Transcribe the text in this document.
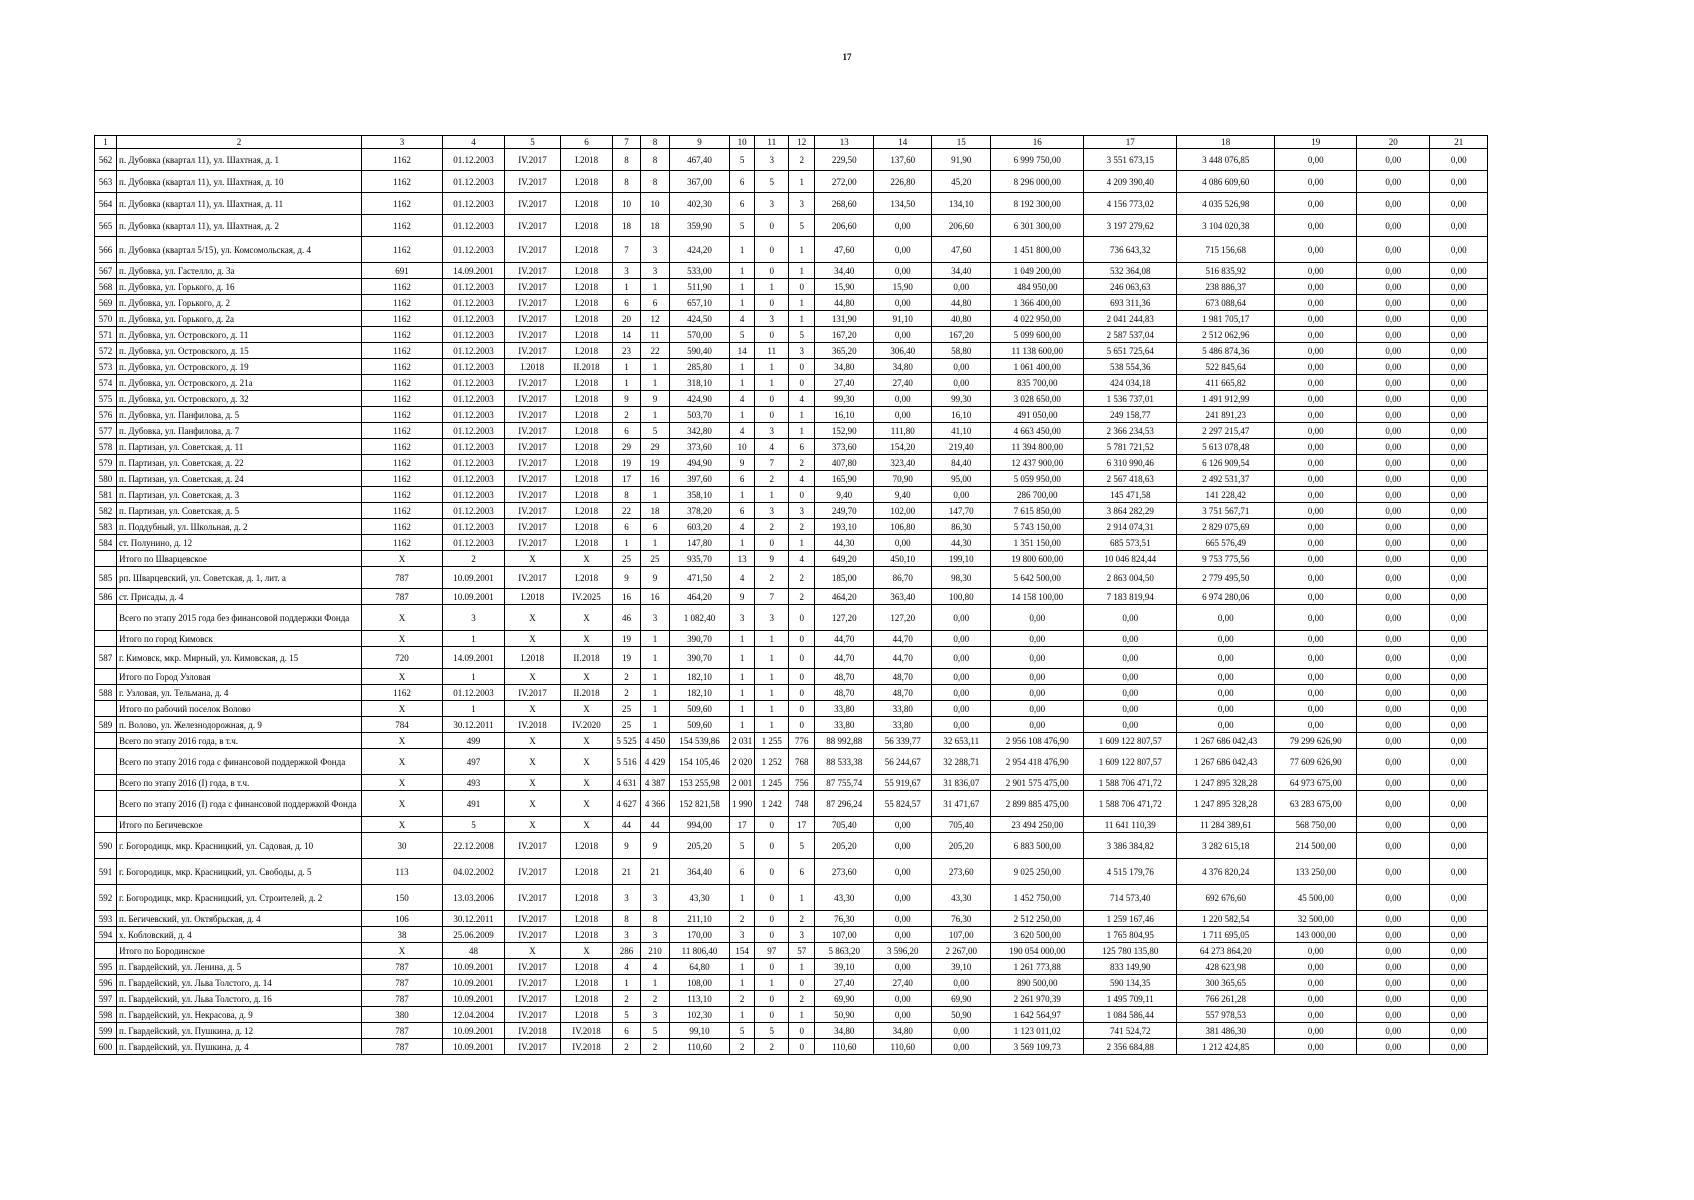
17
1	2	3	4	5	6	7	8	9	10	11	12	13	14	15	16	17	18	19	20	21
562	п. Дубовка (квартал 11), ул. Шахтная, д. 1	1162	01.12.2003	IV.2017	I.2018	8	8	467,40	5	3	2	229,50	137,60	91,90	6 999 750,00	3 551 673,15	3 448 076,85	0,00	0,00	0,00
563	п. Дубовка (квартал 11), ул. Шахтная, д. 10	1162	01.12.2003	IV.2017	I.2018	8	8	367,00	6	5	1	272,00	226,80	45,20	8 296 000,00	4 209 390,40	4 086 609,60	0,00	0,00	0,00
564	п. Дубовка (квартал 11), ул. Шахтная, д. 11	1162	01.12.2003	IV.2017	I.2018	10	10	402,30	6	3	3	268,60	134,50	134,10	8 192 300,00	4 156 773,02	4 035 526,98	0,00	0,00	0,00
565	п. Дубовка (квартал 11), ул. Шахтная, д. 2	1162	01.12.2003	IV.2017	I.2018	18	18	359,90	5	0	5	206,60	0,00	206,60	6 301 300,00	3 197 279,62	3 104 020,38	0,00	0,00	0,00
566	п. Дубовка (квартал 5/15), ул. Комсомольская, д. 4	1162	01.12.2003	IV.2017	I.2018	7	3	424,20	1	0	1	47,60	0,00	47,60	1 451 800,00	736 643,32	715 156,68	0,00	0,00	0,00
567	п. Дубовка, ул. Гастелло, д. 3а	691	14.09.2001	IV.2017	I.2018	3	3	533,00	1	0	1	34,40	0,00	34,40	1 049 200,00	532 364,08	516 835,92	0,00	0,00	0,00
568	п. Дубовка, ул. Горького, д. 16	1162	01.12.2003	IV.2017	I.2018	1	1	511,90	1	1	0	15,90	15,90	0,00	484 950,00	246 063,63	238 886,37	0,00	0,00	0,00
569	п. Дубовка, ул. Горького, д. 2	1162	01.12.2003	IV.2017	I.2018	6	6	657,10	1	0	1	44,80	0,00	44,80	1 366 400,00	693 311,36	673 088,64	0,00	0,00	0,00
570	п. Дубовка, ул. Горького, д. 2а	1162	01.12.2003	IV.2017	I.2018	20	12	424,50	4	3	1	131,90	91,10	40,80	4 022 950,00	2 041 244,83	1 981 705,17	0,00	0,00	0,00
571	п. Дубовка, ул. Островского, д. 11	1162	01.12.2003	IV.2017	I.2018	14	11	570,00	5	0	5	167,20	0,00	167,20	5 099 600,00	2 587 537,04	2 512 062,96	0,00	0,00	0,00
572	п. Дубовка, ул. Островского, д. 15	1162	01.12.2003	IV.2017	I.2018	23	22	590,40	14	11	3	365,20	306,40	58,80	11 138 600,00	5 651 725,64	5 486 874,36	0,00	0,00	0,00
573	п. Дубовка, ул. Островского, д. 19	1162	01.12.2003	I.2018	II.2018	1	1	285,80	1	1	0	34,80	34,80	0,00	1 061 400,00	538 554,36	522 845,64	0,00	0,00	0,00
574	п. Дубовка, ул. Островского, д. 21а	1162	01.12.2003	IV.2017	I.2018	1	1	318,10	1	1	0	27,40	27,40	0,00	835 700,00	424 034,18	411 665,82	0,00	0,00	0,00
575	п. Дубовка, ул. Островского, д. 32	1162	01.12.2003	IV.2017	I.2018	9	9	424,90	4	0	4	99,30	0,00	99,30	3 028 650,00	1 536 737,01	1 491 912,99	0,00	0,00	0,00
576	п. Дубовка, ул. Панфилова, д. 5	1162	01.12.2003	IV.2017	I.2018	2	1	503,70	1	0	1	16,10	0,00	16,10	491 050,00	249 158,77	241 891,23	0,00	0,00	0,00
577	п. Дубовка, ул. Панфилова, д. 7	1162	01.12.2003	IV.2017	I.2018	6	5	342,80	4	3	1	152,90	111,80	41,10	4 663 450,00	2 366 234,53	2 297 215,47	0,00	0,00	0,00
578	п. Партизан, ул. Советская, д. 11	1162	01.12.2003	IV.2017	I.2018	29	29	373,60	10	4	6	373,60	154,20	219,40	11 394 800,00	5 781 721,52	5 613 078,48	0,00	0,00	0,00
579	п. Партизан, ул. Советская, д. 22	1162	01.12.2003	IV.2017	I.2018	19	19	494,90	9	7	2	407,80	323,40	84,40	12 437 900,00	6 310 990,46	6 126 909,54	0,00	0,00	0,00
580	п. Партизан, ул. Советская, д. 24	1162	01.12.2003	IV.2017	I.2018	17	16	397,60	6	2	4	165,90	70,90	95,00	5 059 950,00	2 567 418,63	2 492 531,37	0,00	0,00	0,00
581	п. Партизан, ул. Советская, д. 3	1162	01.12.2003	IV.2017	I.2018	8	1	358,10	1	1	0	9,40	9,40	0,00	286 700,00	145 471,58	141 228,42	0,00	0,00	0,00
582	п. Партизан, ул. Советская, д. 5	1162	01.12.2003	IV.2017	I.2018	22	18	378,20	6	3	3	249,70	102,00	147,70	7 615 850,00	3 864 282,29	3 751 567,71	0,00	0,00	0,00
583	п. Поддубный, ул. Школьная, д. 2	1162	01.12.2003	IV.2017	I.2018	6	6	603,20	4	2	2	193,10	106,80	86,30	5 743 150,00	2 914 074,31	2 829 075,69	0,00	0,00	0,00
584	ст. Полунино, д. 12	1162	01.12.2003	IV.2017	I.2018	1	1	147,80	1	0	1	44,30	0,00	44,30	1 351 150,00	685 573,51	665 576,49	0,00	0,00	0,00
	Итого по Шварцевское	X	2	X	X	25	25	935,70	13	9	4	649,20	450,10	199,10	19 800 600,00	10 046 824,44	9 753 775,56	0,00	0,00	0,00
585	рп. Шварцевский, ул. Советская, д. 1, лит. а	787	10.09.2001	IV.2017	I.2018	9	9	471,50	4	2	2	185,00	86,70	98,30	5 642 500,00	2 863 004,50	2 779 495,50	0,00	0,00	0,00
586	ст. Присады, д. 4	787	10.09.2001	I.2018	IV.2025	16	16	464,20	9	7	2	464,20	363,40	100,80	14 158 100,00	7 183 819,94	6 974 280,06	0,00	0,00	0,00
	Всего по этапу 2015 года без финансовой поддержки Фонда	X	3	X	X	46	3	1 082,40	3	3	0	127,20	127,20	0,00	0,00	0,00	0,00	0,00	0,00	0,00
	Итого по город Кимовск	X	1	X	X	19	1	390,70	1	1	0	44,70	44,70	0,00	0,00	0,00	0,00	0,00	0,00	0,00
587	г. Кимовск, мкр. Мирный, ул. Кимовская, д. 15	720	14.09.2001	I.2018	II.2018	19	1	390,70	1	1	0	44,70	44,70	0,00	0,00	0,00	0,00	0,00	0,00	0,00
	Итого по Город Узловая	X	1	X	X	2	1	182,10	1	1	0	48,70	48,70	0,00	0,00	0,00	0,00	0,00	0,00	0,00
588	г. Узловая, ул. Тельмана, д. 4	1162	01.12.2003	IV.2017	II.2018	2	1	182,10	1	1	0	48,70	48,70	0,00	0,00	0,00	0,00	0,00	0,00	0,00
	Итого по рабочий поселок Волово	X	1	X	X	25	1	509,60	1	1	0	33,80	33,80	0,00	0,00	0,00	0,00	0,00	0,00	0,00
589	п. Волово, ул. Железнодорожная, д. 9	784	30.12.2011	IV.2018	IV.2020	25	1	509,60	1	1	0	33,80	33,80	0,00	0,00	0,00	0,00	0,00	0,00	0,00
	Всего по этапу 2016 года, в т.ч.	X	499	X	X	5 525	4 450	154 539,86	2 031	1 255	776	88 992,88	56 339,77	32 653,11	2 956 108 476,90	1 609 122 807,57	1 267 686 042,43	79 299 626,90	0,00	0,00
	Всего по этапу 2016 года с финансовой поддержкой Фонда	X	497	X	X	5 516	4 429	154 105,46	2 020	1 252	768	88 533,38	56 244,67	32 288,71	2 954 418 476,90	1 609 122 807,57	1 267 686 042,43	77 609 626,90	0,00	0,00
	Всего по этапу 2016 (I) года, в т.ч.	X	493	X	X	4 631	4 387	153 255,98	2 001	1 245	756	87 755,74	55 919,67	31 836,07	2 901 575 475,00	1 588 706 471,72	1 247 895 328,28	64 973 675,00	0,00	0,00
	Всего по этапу 2016 (I) года с финансовой поддержкой Фонда	X	491	X	X	4 627	4 366	152 821,58	1 990	1 242	748	87 296,24	55 824,57	31 471,67	2 899 885 475,00	1 588 706 471,72	1 247 895 328,28	63 283 675,00	0,00	0,00
	Итого по Бегичевское	X	5	X	X	44	44	994,00	17	0	17	705,40	0,00	705,40	23 494 250,00	11 641 110,39	11 284 389,61	568 750,00	0,00	0,00
590	г. Богородицк, мкр. Красницкий, ул. Садовая, д. 10	30	22.12.2008	IV.2017	I.2018	9	9	205,20	5	0	5	205,20	0,00	205,20	6 883 500,00	3 386 384,82	3 282 615,18	214 500,00	0,00	0,00
591	г. Богородицк, мкр. Красницкий, ул. Свободы, д. 5	113	04.02.2002	IV.2017	I.2018	21	21	364,40	6	0	6	273,60	0,00	273,60	9 025 250,00	4 515 179,76	4 376 820,24	133 250,00	0,00	0,00
592	г. Богородицк, мкр. Красницкий, ул. Строителей, д. 2	150	13.03.2006	IV.2017	I.2018	3	3	43,30	1	0	1	43,30	0,00	43,30	1 452 750,00	714 573,40	692 676,60	45 500,00	0,00	0,00
593	п. Бегичевский, ул. Октябрьская, д. 4	106	30.12.2011	IV.2017	I.2018	8	8	211,10	2	0	2	76,30	0,00	76,30	2 512 250,00	1 259 167,46	1 220 582,54	32 500,00	0,00	0,00
594	х. Кобловский, д. 4	38	25.06.2009	IV.2017	I.2018	3	3	170,00	3	0	3	107,00	0,00	107,00	3 620 500,00	1 765 804,95	1 711 695,05	143 000,00	0,00	0,00
	Итого по Бородинское	X	48	X	X	286	210	11 806,40	154	97	57	5 863,20	3 596,20	2 267,00	190 054 000,00	125 780 135,80	64 273 864,20	0,00	0,00	0,00
595	п. Гвардейский, ул. Ленина, д. 5	787	10.09.2001	IV.2017	I.2018	4	4	64,80	1	0	1	39,10	0,00	39,10	1 261 773,88	833 149,90	428 623,98	0,00	0,00	0,00
596	п. Гвардейский, ул. Льва Толстого, д. 14	787	10.09.2001	IV.2017	I.2018	1	1	108,00	1	1	0	27,40	27,40	0,00	890 500,00	590 134,35	300 365,65	0,00	0,00	0,00
597	п. Гвардейский, ул. Льва Толстого, д. 16	787	10.09.2001	IV.2017	I.2018	2	2	113,10	2	0	2	69,90	0,00	69,90	2 261 970,39	1 495 709,11	766 261,28	0,00	0,00	0,00
598	п. Гвардейский, ул. Некрасова, д. 9	380	12.04.2004	IV.2017	I.2018	5	3	102,30	1	0	1	50,90	0,00	50,90	1 642 564,97	1 084 586,44	557 978,53	0,00	0,00	0,00
599	п. Гвардейский, ул. Пушкина, д. 12	787	10.09.2001	IV.2018	IV.2018	6	5	99,10	5	5	0	34,80	34,80	0,00	1 123 011,02	741 524,72	381 486,30	0,00	0,00	0,00
600	п. Гвардейский, ул. Пушкина, д. 4	787	10.09.2001	IV.2017	IV.2018	2	2	110,60	2	2	0	110,60	110,60	0,00	3 569 109,73	2 356 684,88	1 212 424,85	0,00	0,00	0,00
